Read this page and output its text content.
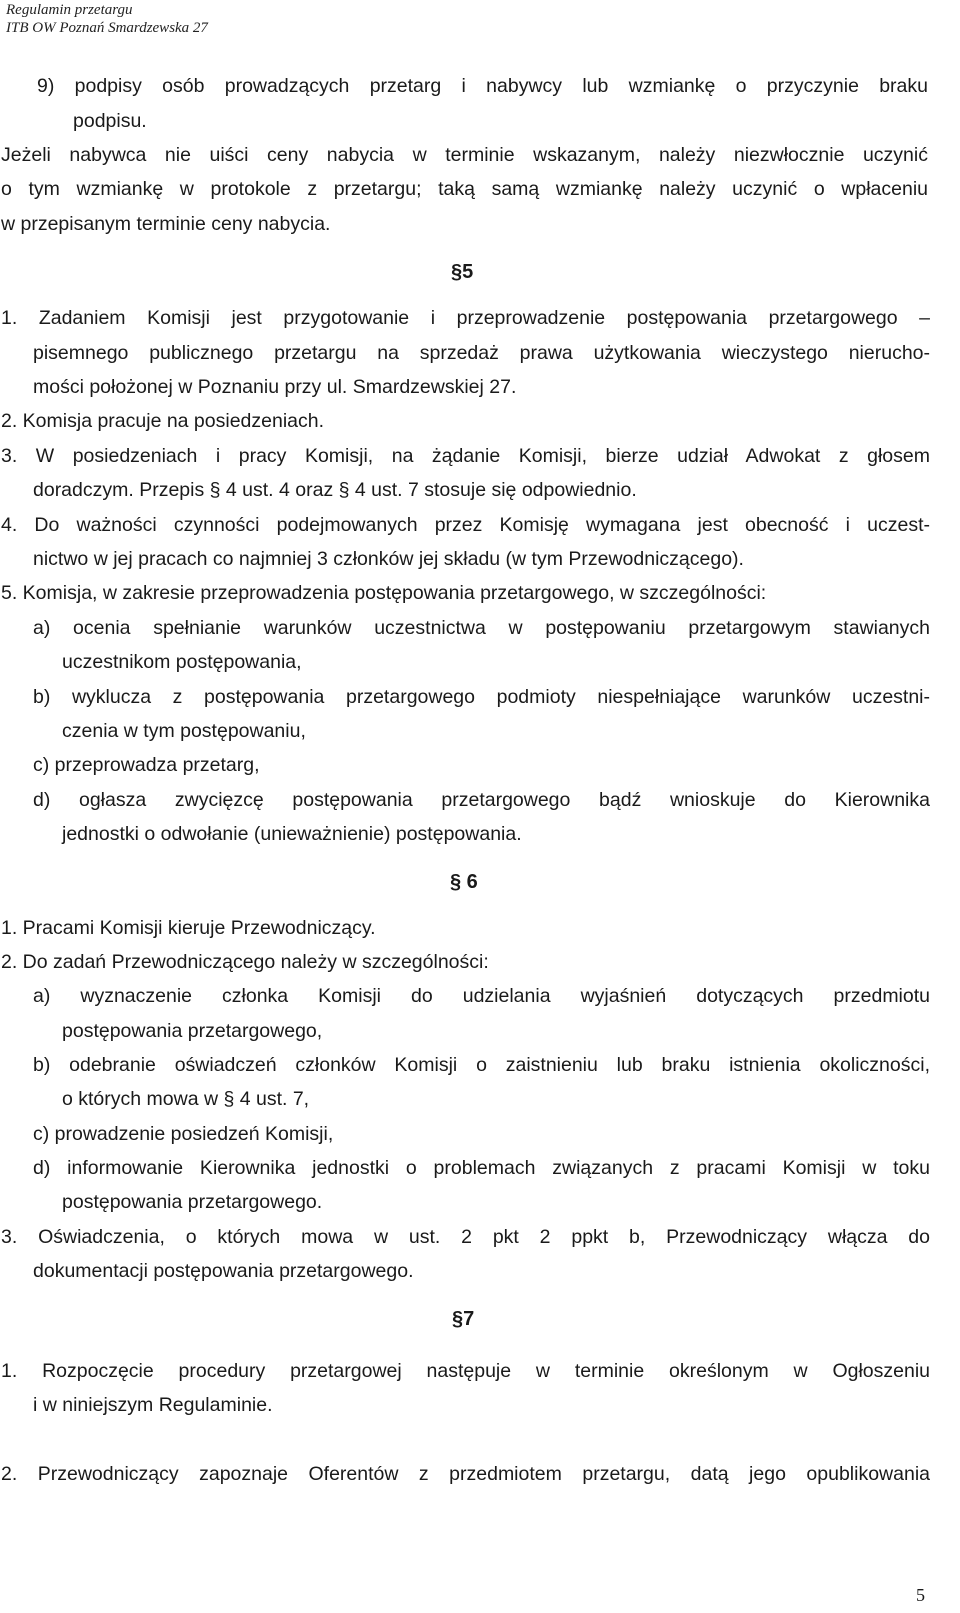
Regulamin przetargu
ITB OW Poznań Smardzewska 27
9) podpisy osób prowadzących przetarg i nabywcy lub wzmiankę o przyczynie braku
podpisu.
Jeżeli nabywca nie uiści ceny nabycia w terminie wskazanym, należy niezwłocznie uczynić
o tym wzmiankę w protokole z przetargu; taką samą wzmiankę należy uczynić o wpłaceniu
w przepisanym terminie ceny nabycia.
§5
1. Zadaniem Komisji jest przygotowanie i przeprowadzenie postępowania przetargowego –
pisemnego publicznego przetargu na sprzedaż prawa użytkowania wieczystego nierucho-
mości położonej w Poznaniu przy ul. Smardzewskiej 27.
2. Komisja pracuje na posiedzeniach.
3. W posiedzeniach i pracy Komisji, na żądanie Komisji, bierze udział Adwokat z głosem
doradczym. Przepis § 4 ust. 4 oraz § 4 ust. 7 stosuje się odpowiednio.
4. Do ważności czynności podejmowanych przez Komisję wymagana jest obecność i uczest-
nictwo w jej pracach co najmniej 3 członków jej składu (w tym Przewodniczącego).
5. Komisja, w zakresie przeprowadzenia postępowania przetargowego, w szczególności:
a) ocenia spełnianie warunków uczestnictwa w postępowaniu przetargowym stawianych
uczestnikom postępowania,
b) wyklucza z postępowania przetargowego podmioty niespełniające warunków uczestni-
czenia w tym postępowaniu,
c) przeprowadza przetarg,
d) ogłasza zwycięzcę postępowania przetargowego bądź wnioskuje do Kierownika
jednostki o odwołanie (unieważnienie) postępowania.
§ 6
1. Pracami Komisji kieruje Przewodniczący.
2. Do zadań Przewodniczącego należy w szczególności:
a) wyznaczenie członka Komisji do udzielania wyjaśnień dotyczących przedmiotu
postępowania przetargowego,
b) odebranie oświadczeń członków Komisji o zaistnieniu lub braku istnienia okoliczności,
o których mowa w § 4 ust. 7,
c) prowadzenie posiedzeń Komisji,
d) informowanie Kierownika jednostki o problemach związanych z pracami Komisji w toku
postępowania przetargowego.
3. Oświadczenia, o których mowa w ust. 2 pkt 2 ppkt b, Przewodniczący włącza do
dokumentacji postępowania przetargowego.
§7
1. Rozpoczęcie procedury przetargowej następuje w terminie określonym w Ogłoszeniu
i w niniejszym Regulaminie.
2. Przewodniczący zapoznaje Oferentów z przedmiotem przetargu, datą jego opublikowania
5
